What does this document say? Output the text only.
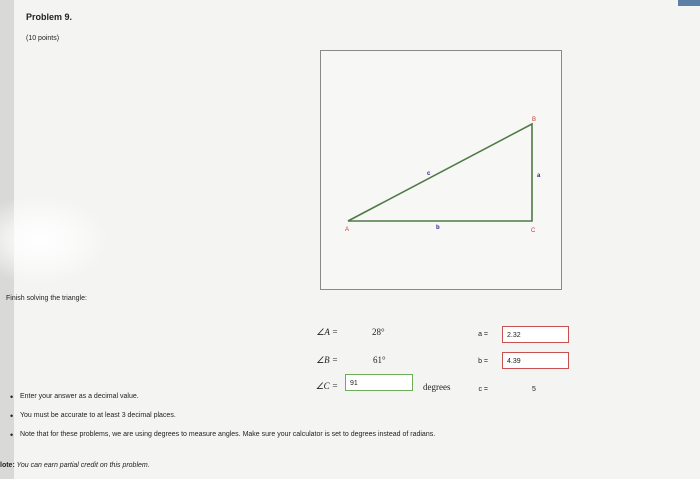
Problem 9.
(10 points)
A
B
C
a
b
c
Finish solving the triangle:
∠A =	28°
∠B =	61°
∠C =	91	degrees
a =	2.32
b =	4.39
c =	5
• Enter your answer as a decimal value.
• You must be accurate to at least 3 decimal places.
• Note that for these problems, we are using degrees to measure angles. Make sure your calculator is set to degrees instead of radians.
lote: You can earn partial credit on this problem.
